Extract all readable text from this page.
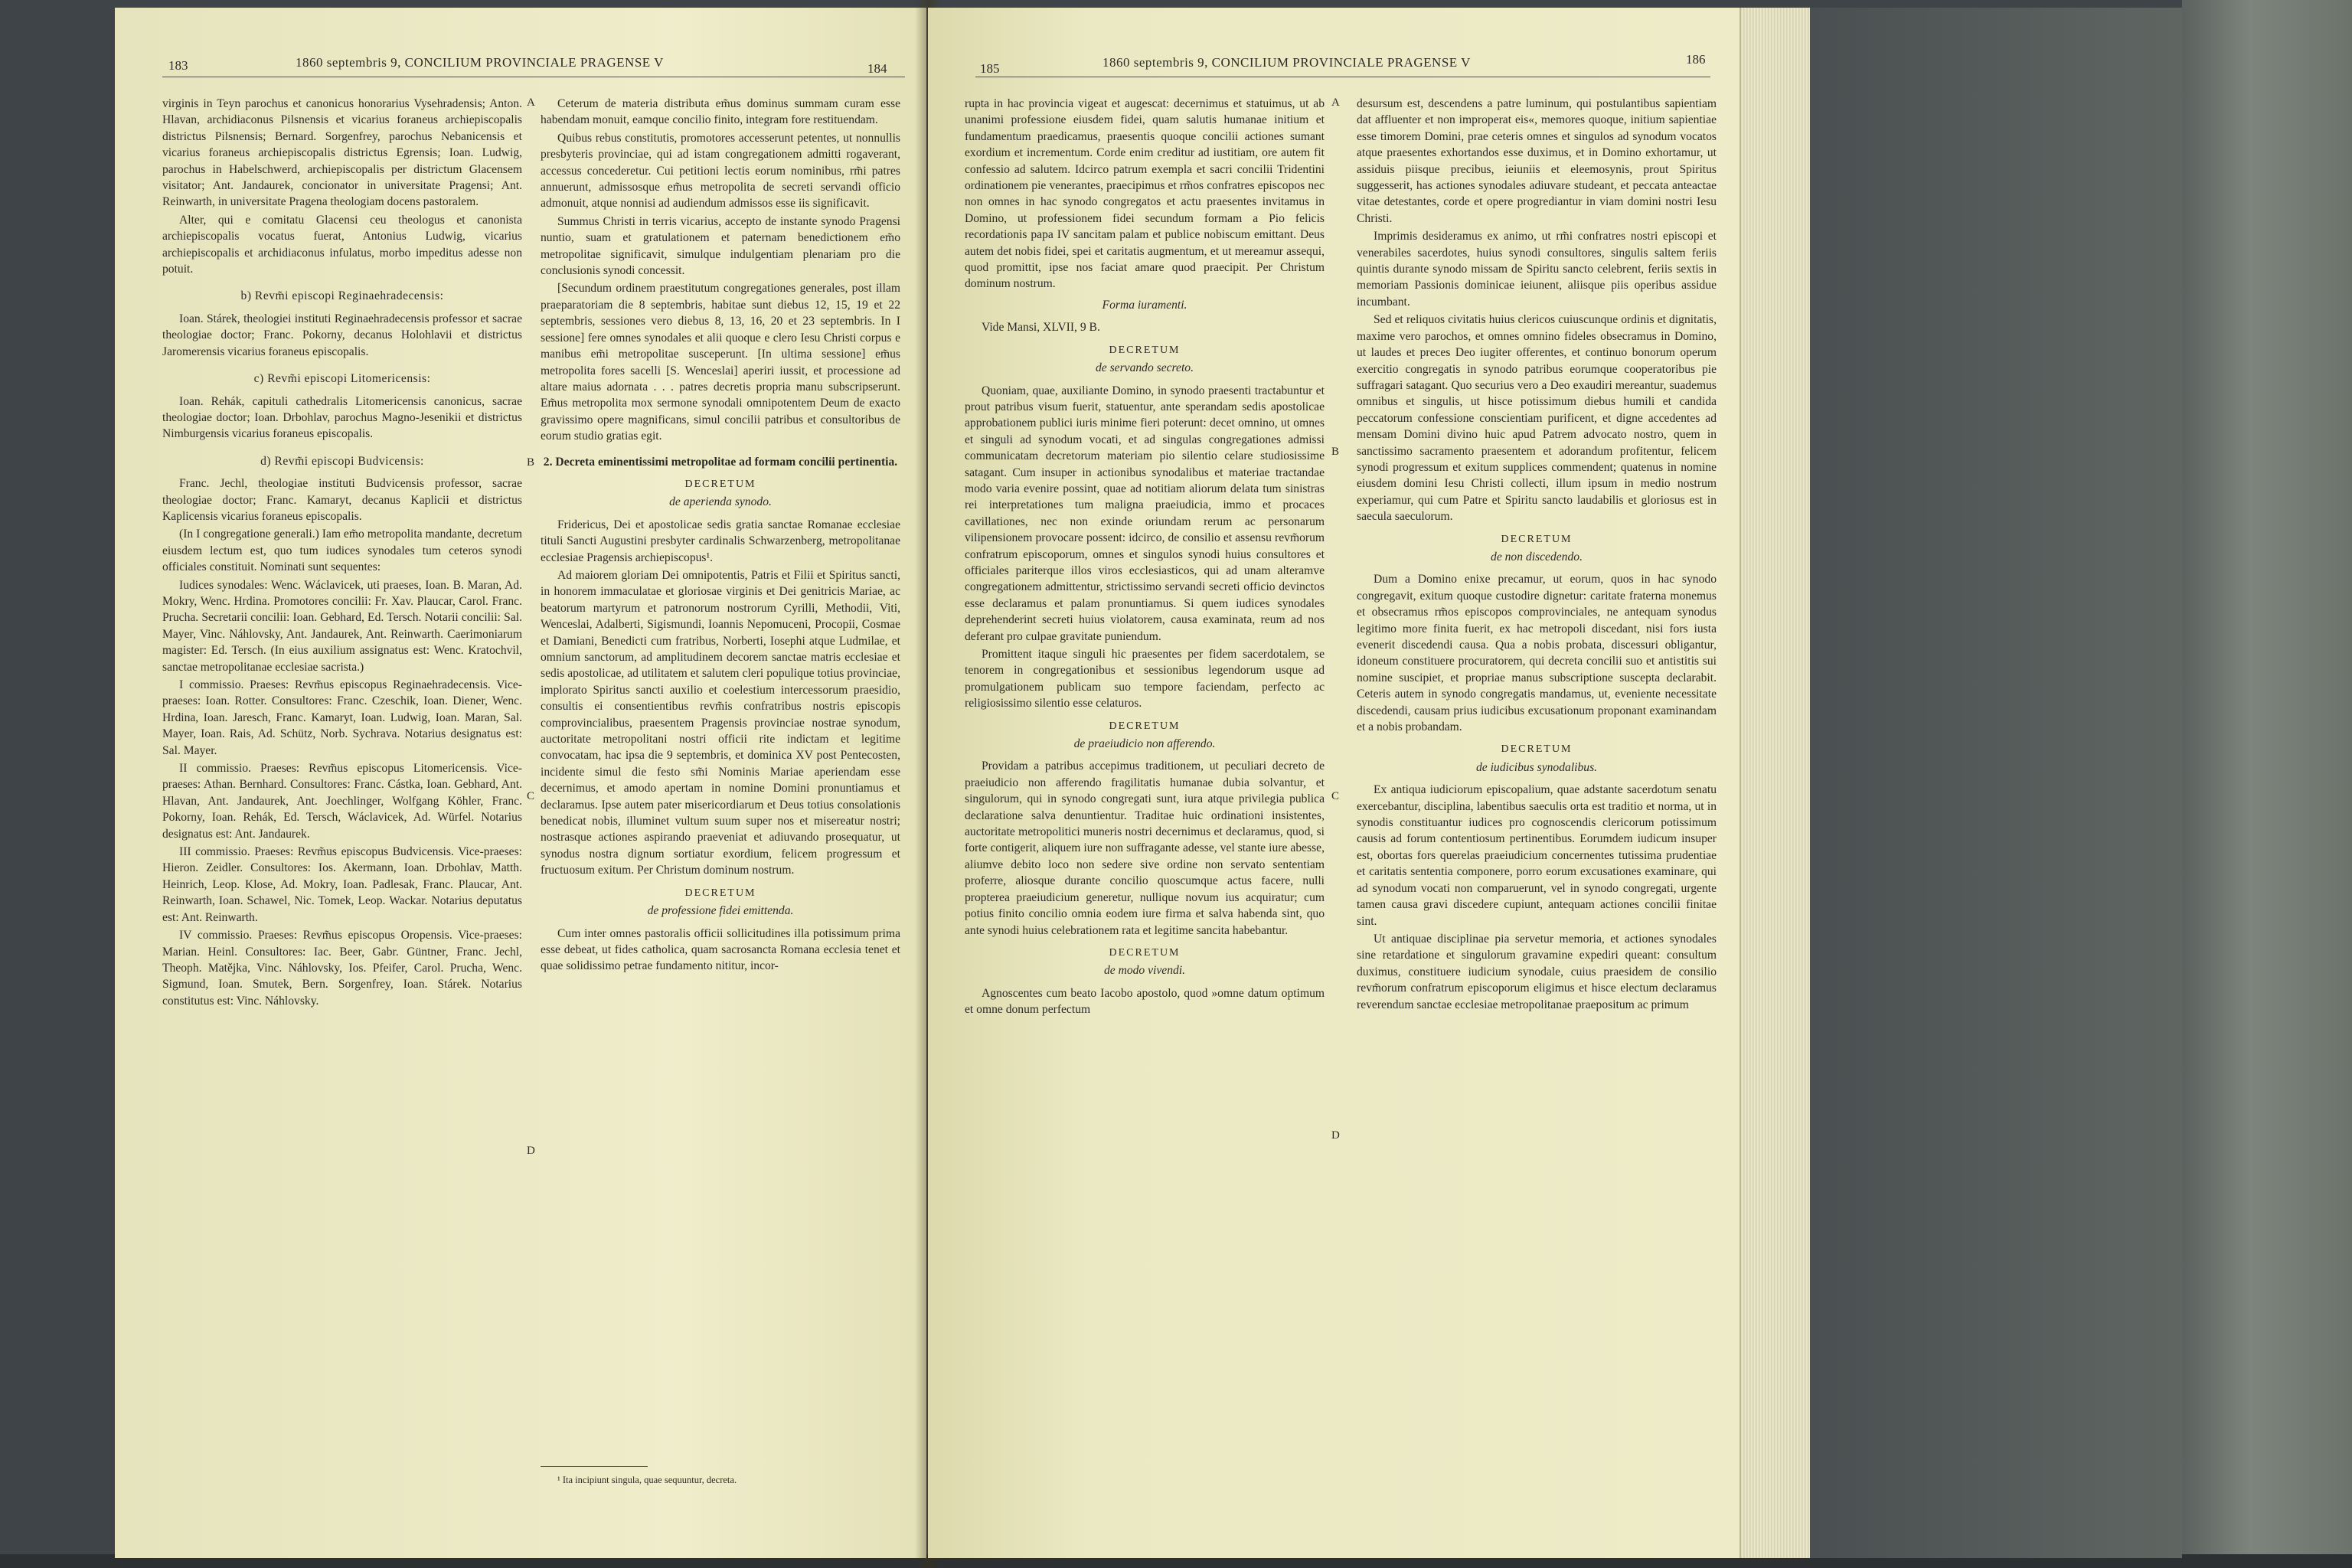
183	1860 septembris 9, CONCILIUM PROVINCIALE PRAGENSE V	184

virginis in Teyn parochus et canonicus honorarius Vysehradensis; Anton. Hlavan, archidiaconus Pilsnensis et vicarius foraneus archiepiscopalis districtus Pilsnensis; Bernard. Sorgenfrey, parochus Nebanicensis et vicarius foraneus archiepiscopalis districtus Egrensis; Ioan. Ludwig, parochus in Habelschwerd, archiepiscopalis per districtum Glacensem visitator; Ant. Jandaurek, concionator in universitate Pragensi; Ant. Reinwarth, in universitate Pragena theologiam docens pastoralem.

Alter, qui e comitatu Glacensi ceu theologus et canonista archiepiscopalis vocatus fuerat, Antonius Ludwig, vicarius archiepiscopalis et archidiaconus infulatus, morbo impeditus adesse non potuit.

b) Revm̃i episcopi Reginaehradecensis:

Ioan. Stárek, theologiei instituti Reginaehradecensis professor et sacrae theologiae doctor; Franc. Pokorny, decanus Holohlavii et districtus Jaromerensis vicarius foraneus episcopalis.

c) Revm̃i episcopi Litomericensis:

Ioan. Rehák, capituli cathedralis Litomericensis canonicus, sacrae theologiae doctor; Ioan. Drbohlav, parochus Magno-Jesenikii et districtus Nimburgensis vicarius foraneus episcopalis.

d) Revm̃i episcopi Budvicensis:

Franc. Jechl, theologiae instituti Budvicensis professor, sacrae theologiae doctor; Franc. Kamaryt, decanus Kaplicii et districtus Kaplicensis vicarius foraneus episcopalis.

(In I congregatione generali.) Iam em̃o metropolita mandante, decretum eiusdem lectum est, quo tum iudices synodales tum ceteros synodi officiales constituit. Nominati sunt sequentes:

Iudices synodales: Wenc. Wáclavicek, uti praeses, Ioan. B. Maran, Ad. Mokry, Wenc. Hrdina. Promotores concilii: Fr. Xav. Plaucar, Carol. Franc. Prucha. Secretarii concilii: Ioan. Gebhard, Ed. Tersch. Notarii concilii: Sal. Mayer, Vinc. Náhlovsky, Ant. Jandaurek, Ant. Reinwarth. Caerimoniarum magister: Ed. Tersch. (In eius auxilium assignatus est: Wenc. Kratochvil, sanctae metropolitanae ecclesiae sacrista.)

I commissio. Praeses: Revm̃us episcopus Reginaehradecensis. Vice-praeses: Ioan. Rotter. Consultores: Franc. Czeschik, Ioan. Diener, Wenc. Hrdina, Ioan. Jaresch, Franc. Kamaryt, Ioan. Ludwig, Ioan. Maran, Sal. Mayer, Ioan. Rais, Ad. Schütz, Norb. Sychrava. Notarius designatus est: Sal. Mayer.

II commissio. Praeses: Revm̃us episcopus Litomericensis. Vice-praeses: Athan. Bernhard. Consultores: Franc. Cástka, Ioan. Gebhard, Ant. Hlavan, Ant. Jandaurek, Ant. Joechlinger, Wolfgang Köhler, Franc. Pokorny, Ioan. Rehák, Ed. Tersch, Wáclavicek, Ad. Würfel. Notarius designatus est: Ant. Jandaurek.

III commissio. Praeses: Revm̃us episcopus Budvicensis. Vice-praeses: Hieron. Zeidler. Consultores: Ios. Akermann, Ioan. Drbohlav, Matth. Heinrich, Leop. Klose, Ad. Mokry, Ioan. Padlesak, Franc. Plaucar, Ant. Reinwarth, Ioan. Schawel, Nic. Tomek, Leop. Wackar. Notarius deputatus est: Ant. Reinwarth.

IV commissio. Praeses: Revm̃us episcopus Oropensis. Vice-praeses: Marian. Heinl. Consultores: Iac. Beer, Gabr. Güntner, Franc. Jechl, Theoph. Matějka, Vinc. Náhlovsky, Ios. Pfeifer, Carol. Prucha, Wenc. Sigmund, Ioan. Smutek, Bern. Sorgenfrey, Ioan. Stárek. Notarius constitutus est: Vinc. Náhlovsky.

A
B
C
D

Ceterum de materia distributa em̃us dominus summam curam esse habendam monuit, eamque concilio finito, integram fore restituendam.

Quibus rebus constitutis, promotores accesserunt petentes, ut nonnullis presbyteris provinciae, qui ad istam congregationem admitti rogaverant, accessus concederetur. Cui petitioni lectis eorum nominibus, rm̃i patres annuerunt, admissosque em̃us metropolita de secreti servandi officio admonuit, atque nonnisi ad audiendum admissos esse iis significavit.

Summus Christi in terris vicarius, accepto de instante synodo Pragensi nuntio, suam et gratulationem et paternam benedictionem em̃o metropolitae significavit, simulque indulgentiam plenariam pro die conclusionis synodi concessit.

[Secundum ordinem praestitutum congregationes generales, post illam praeparatoriam die 8 septembris, habitae sunt diebus 12, 15, 19 et 22 septembris, sessiones vero diebus 8, 13, 16, 20 et 23 septembris. In I sessione] fere omnes synodales et alii quoque e clero Iesu Christi corpus e manibus em̃i metropolitae susceperunt. [In ultima sessione] em̃us metropolita fores sacelli [S. Wenceslai] aperiri iussit, et processione ad altare maius adornata . . . patres decretis propria manu subscripserunt. Em̃us metropolita mox sermone synodali omnipotentem Deum de exacto gravissimo opere magnificans, simul concilii patribus et consultoribus de eorum studio gratias egit.

2. Decreta eminentissimi metropolitae ad formam concilii pertinentia.

DECRETUM
de aperienda synodo.

Fridericus, Dei et apostolicae sedis gratia sanctae Romanae ecclesiae tituli Sancti Augustini presbyter cardinalis Schwarzenberg, metropolitanae ecclesiae Pragensis archiepiscopus¹.

Ad maiorem gloriam Dei omnipotentis, Patris et Filii et Spiritus sancti, in honorem immaculatae et gloriosae virginis et Dei genitricis Mariae, ac beatorum martyrum et patronorum nostrorum Cyrilli, Methodii, Viti, Wenceslai, Adalberti, Sigismundi, Ioannis Nepomuceni, Procopii, Cosmae et Damiani, Benedicti cum fratribus, Norberti, Iosephi atque Ludmilae, et omnium sanctorum, ad amplitudinem decorem sanctae matris ecclesiae et sedis apostolicae, ad utilitatem et salutem cleri populique totius provinciae, implorato Spiritus sancti auxilio et coelestium intercessorum praesidio, consultis ei consentientibus revm̃is confratribus nostris episcopis comprovincialibus, praesentem Pragensis provinciae nostrae synodum, auctoritate metropolitani nostri officii rite indictam et legitime convocatam, hac ipsa die 9 septembris, et dominica XV post Pentecosten, incidente simul die festo sm̃i Nominis Mariae aperiendam esse decernimus, et amodo apertam in nomine Domini pronuntiamus et declaramus. Ipse autem pater misericordiarum et Deus totius consolationis benedicat nobis, illuminet vultum suum super nos et misereatur nostri; nostrasque actiones aspirando praeveniat et adiuvando prosequatur, ut synodus nostra dignum sortiatur exordium, felicem progressum et fructuosum exitum. Per Christum dominum nostrum.

DECRETUM
de professione fidei emittenda.

Cum inter omnes pastoralis officii sollicitudines illa potissimum prima esse debeat, ut fides catholica, quam sacrosancta Romana ecclesia tenet et quae solidissimo petrae fundamento nititur, incor-

¹ Ita incipiunt singula, quae sequuntur, decreta.
185	1860 septembris 9, CONCILIUM PROVINCIALE PRAGENSE V	186

rupta in hac provincia vigeat et augescat: decernimus et statuimus, ut ab unanimi professione eiusdem fidei, quam salutis humanae initium et fundamentum praedicamus, praesentis quoque concilii actiones sumant exordium et incrementum. Corde enim creditur ad iustitiam, ore autem fit confessio ad salutem. Idcirco patrum exempla et sacri concilii Tridentini ordinationem pie venerantes, praecipimus et rm̃os confratres episcopos nec non omnes in hac synodo congregatos et actu praesentes invitamus in Domino, ut professionem fidei secundum formam a Pio felicis recordationis papa IV sancitam palam et publice nobiscum emittant. Deus autem det nobis fidei, spei et caritatis augmentum, et ut mereamur assequi, quod promittit, ipse nos faciat amare quod praecipit. Per Christum dominum nostrum.

Forma iuramenti.

Vide Mansi, XLVII, 9 B.

DECRETUM
de servando secreto.

Quoniam, quae, auxiliante Domino, in synodo praesenti tractabuntur et prout patribus visum fuerit, statuentur, ante sperandam sedis apostolicae approbationem publici iuris minime fieri poterunt: decet omnino, ut omnes et singuli ad synodum vocati, et ad singulas congregationes admissi communicatam decretorum materiam pio silentio celare studiosissime satagant. Cum insuper in actionibus synodalibus et materiae tractandae modo varia evenire possint, quae ad notitiam aliorum delata tum sinistras rei interpretationes tum maligna praeiudicia, immo et procaces cavillationes, nec non exinde oriundam rerum ac personarum vilipensionem provocare possent: idcirco, de consilio et assensu revm̃orum confratrum episcoporum, omnes et singulos synodi huius consultores et officiales pariterque illos viros ecclesiasticos, qui ad unam alteramve congregationem admittentur, strictissimo servandi secreti officio devinctos esse declaramus et palam pronuntiamus. Si quem iudices synodales deprehenderint secreti huius violatorem, causa examinata, reum ad nos deferant pro culpae gravitate puniendum.

Promittent itaque singuli hic praesentes per fidem sacerdotalem, se tenorem in congregationibus et sessionibus legendorum usque ad promulgationem publicam suo tempore faciendam, perfecto ac religiosissimo silentio esse celaturos.

DECRETUM
de praeiudicio non afferendo.

Providam a patribus accepimus traditionem, ut peculiari decreto de praeiudicio non afferendo fragilitatis humanae dubia solvantur, et singulorum, qui in synodo congregati sunt, iura atque privilegia publica declaratione salva denuntientur. Traditae huic ordinationi insistentes, auctoritate metropolitici muneris nostri decernimus et declaramus, quod, si forte contigerit, aliquem iure non suffragante adesse, vel stante iure abesse, aliumve debito loco non sedere sive ordine non servato sententiam proferre, aliosque durante concilio quoscumque actus facere, nulli propterea praeiudicium generetur, nullique novum ius acquiratur; cum potius finito concilio omnia eodem iure firma et salva habenda sint, quo ante synodi huius celebrationem rata et legitime sancita habebantur.

DECRETUM
de modo vivendi.

Agnoscentes cum beato Iacobo apostolo, quod »omne datum optimum et omne donum perfectum

A
B
C
D

desursum est, descendens a patre luminum, qui postulantibus sapientiam dat affluenter et non improperat eis«, memores quoque, initium sapientiae esse timorem Domini, prae ceteris omnes et singulos ad synodum vocatos atque praesentes exhortandos esse duximus, et in Domino exhortamur, ut assiduis piisque precibus, ieiuniis et eleemosynis, prout Spiritus suggesserit, has actiones synodales adiuvare studeant, et peccata anteactae vitae detestantes, corde et opere progrediantur in viam domini nostri Iesu Christi.

Imprimis desideramus ex animo, ut rm̃i confratres nostri episcopi et venerabiles sacerdotes, huius synodi consultores, singulis saltem feriis quintis durante synodo missam de Spiritu sancto celebrent, feriis sextis in memoriam Passionis dominicae ieiunent, aliisque piis operibus assidue incumbant.

Sed et reliquos civitatis huius clericos cuiuscunque ordinis et dignitatis, maxime vero parochos, et omnes omnino fideles obsecramus in Domino, ut laudes et preces Deo iugiter offerentes, et continuo bonorum operum exercitio congregatis in synodo patribus eorumque cooperatoribus pie suffragari satagant. Quo securius vero a Deo exaudiri mereantur, suademus omnibus et singulis, ut hisce potissimum diebus humili et candida peccatorum confessione conscientiam purificent, et digne accedentes ad mensam Domini divino huic apud Patrem advocato nostro, quem in sanctissimo sacramento praesentem et adorandum profitentur, felicem synodi progressum et exitum supplices commendent; quatenus in nomine eiusdem domini Iesu Christi collecti, illum ipsum in medio nostrum experiamur, qui cum Patre et Spiritu sancto laudabilis et gloriosus est in saecula saeculorum.

DECRETUM
de non discedendo.

Dum a Domino enixe precamur, ut eorum, quos in hac synodo congregavit, exitum quoque custodire dignetur: caritate fraterna monemus et obsecramus rm̃os episcopos comprovinciales, ne antequam synodus legitimo more finita fuerit, ex hac metropoli discedant, nisi fors iusta evenerit discedendi causa. Qua a nobis probata, discessuri obligantur, idoneum constituere procuratorem, qui decreta concilii suo et antistitis sui nomine suscipiet, et propriae manus subscriptione suscepta declarabit. Ceteris autem in synodo congregatis mandamus, ut, eveniente necessitate discedendi, causam prius iudicibus excusationum proponant examinandam et a nobis probandam.

DECRETUM
de iudicibus synodalibus.

Ex antiqua iudiciorum episcopalium, quae adstante sacerdotum senatu exercebantur, disciplina, labentibus saeculis orta est traditio et norma, ut in synodis constituantur iudices pro cognoscendis clericorum potissimum causis ad forum contentiosum pertinentibus. Eorumdem iudicum insuper est, obortas fors querelas praeiudicium concernentes tutissima prudentiae et caritatis sententia componere, porro eorum excusationes examinare, qui ad synodum vocati non comparuerunt, vel in synodo congregati, urgente tamen causa gravi discedere cupiunt, antequam actiones concilii finitae sint.

Ut antiquae disciplinae pia servetur memoria, et actiones synodales sine retardatione et singulorum gravamine expediri queant: consultum duximus, constituere iudicium synodale, cuius praesidem de consilio revm̃orum confratrum episcoporum eligimus et hisce electum declaramus reverendum sanctae ecclesiae metropolitanae praepositum ac primum
